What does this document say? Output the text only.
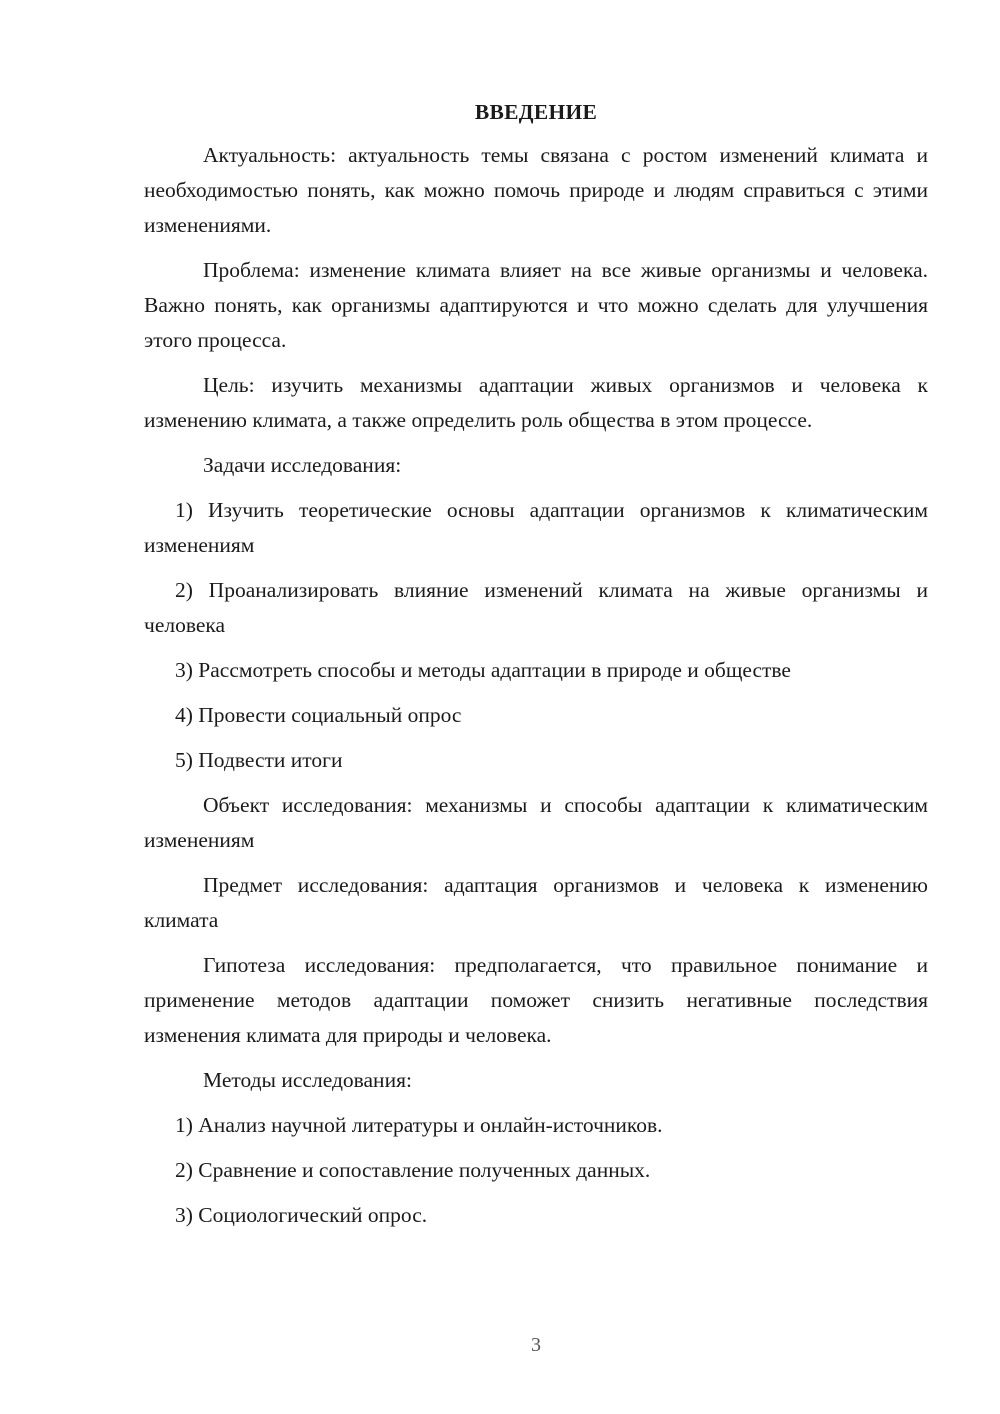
ВВЕДЕНИЕ

Актуальность: актуальность темы связана с ростом изменений климата и необходимостью понять, как можно помочь природе и людям справиться с этими изменениями.

Проблема: изменение климата влияет на все живые организмы и человека. Важно понять, как организмы адаптируются и что можно сделать для улучшения этого процесса.

Цель: изучить механизмы адаптации живых организмов и человека к изменению климата, а также определить роль общества в этом процессе.

Задачи исследования:

1) Изучить теоретические основы адаптации организмов к климатическим изменениям

2) Проанализировать влияние изменений климата на живые организмы и человека

3) Рассмотреть способы и методы адаптации в природе и обществе

4) Провести социальный опрос

5) Подвести итоги

Объект исследования: механизмы и способы адаптации к климатическим изменениям

Предмет исследования: адаптация организмов и человека к изменению климата

Гипотеза исследования: предполагается, что правильное понимание и применение методов адаптации поможет снизить негативные последствия изменения климата для природы и человека.

Методы исследования:

1) Анализ научной литературы и онлайн-источников.

2) Сравнение и сопоставление полученных данных.

3) Социологический опрос.

3
